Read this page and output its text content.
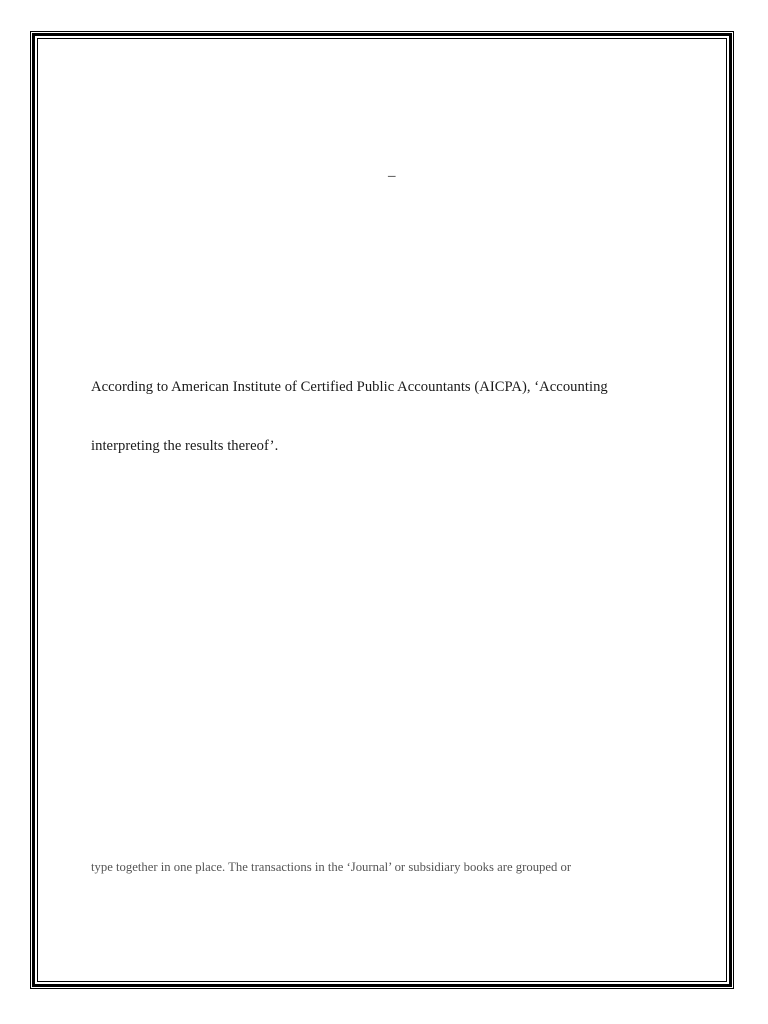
–
According to American Institute of Certified Public Accountants (AICPA), ‘Accounting
interpreting the results thereof’.
type together in one place. The transactions in the ‘Journal’ or subsidiary books are grouped or
